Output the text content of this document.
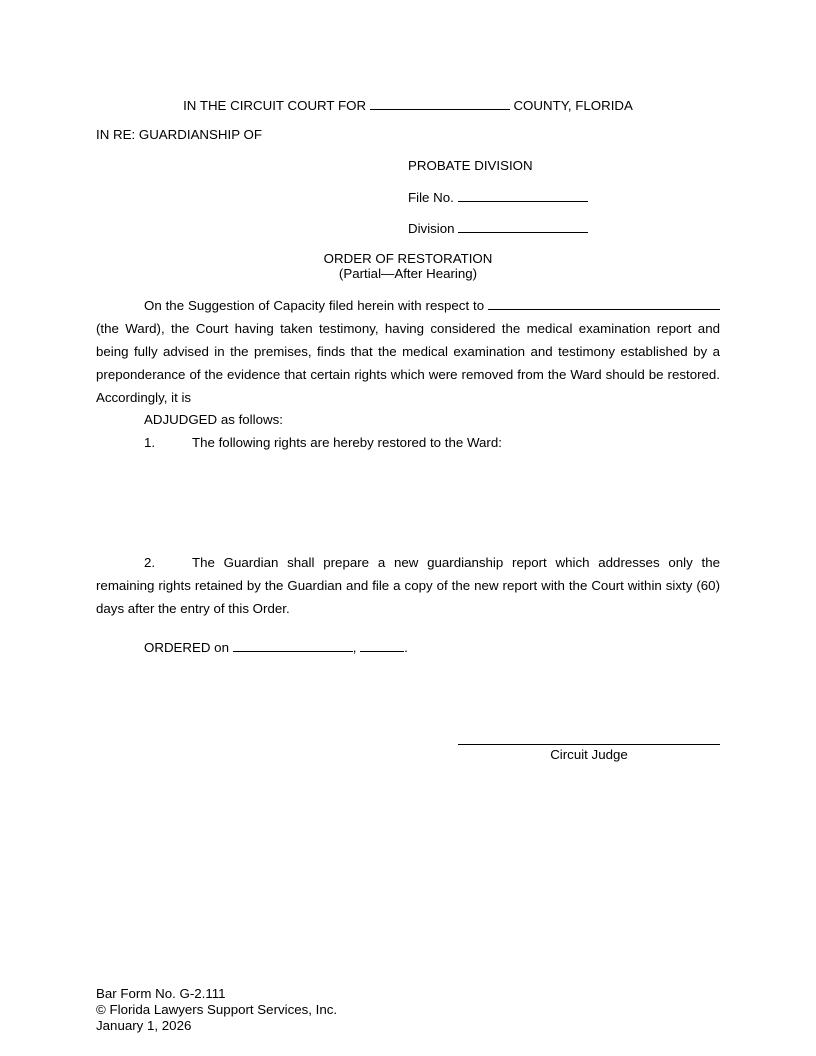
IN THE CIRCUIT COURT FOR	COUNTY, FLORIDA
IN RE: GUARDIANSHIP OF
PROBATE DIVISION
File No.
Division
ORDER OF RESTORATION
(Partial—After Hearing)
On the Suggestion of Capacity filed herein with respect to  (the Ward), the Court having taken testimony, having considered the medical examination report and being fully advised in the premises, finds that the medical examination and testimony established by a preponderance of the evidence that certain rights which were removed from the Ward should be restored. Accordingly, it is
ADJUDGED as follows:
1.	The following rights are hereby restored to the Ward:
2.	The Guardian shall prepare a new guardianship report which addresses only the remaining rights retained by the Guardian and file a copy of the new report with the Court within sixty (60) days after the entry of this Order.
ORDERED on	,	.
Circuit Judge
Bar Form No. G-2.111
© Florida Lawyers Support Services, Inc.
January 1, 2026
